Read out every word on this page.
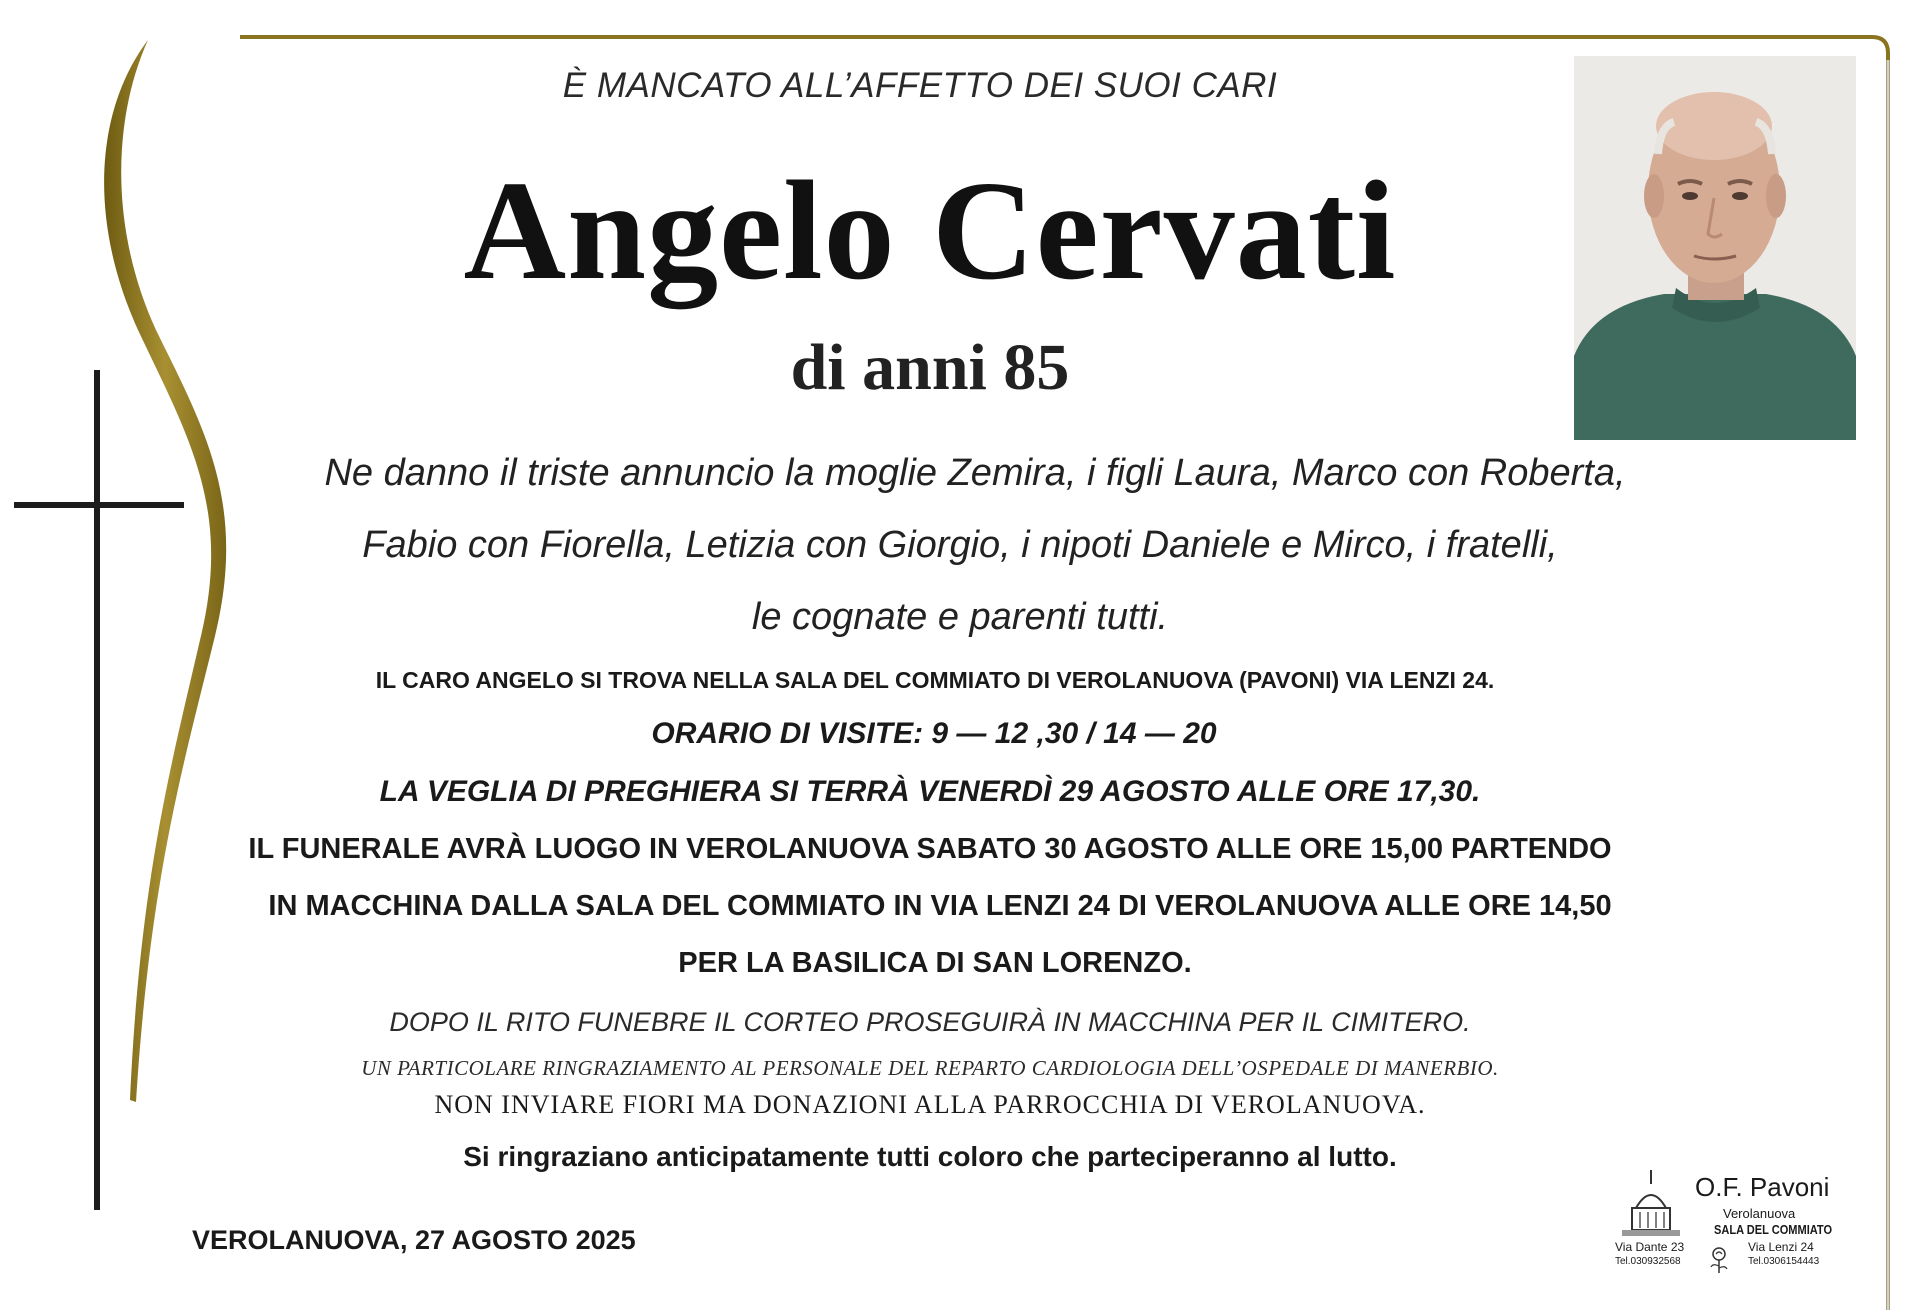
È MANCATO ALL’AFFETTO DEI SUOI CARI
Angelo Cervati
di anni 85
Ne danno il triste annuncio la moglie Zemira, i figli Laura, Marco con Roberta,
Fabio con Fiorella, Letizia con Giorgio, i nipoti Daniele e Mirco, i fratelli,
le cognate e parenti tutti.
IL CARO ANGELO SI TROVA NELLA SALA DEL COMMIATO DI VEROLANUOVA (PAVONI) VIA LENZI 24.
ORARIO DI VISITE: 9 — 12 ,30 / 14 — 20
LA VEGLIA DI PREGHIERA SI TERRÀ VENERDÌ 29 AGOSTO ALLE ORE 17,30.
IL FUNERALE AVRÀ LUOGO IN VEROLANUOVA SABATO 30 AGOSTO ALLE ORE 15,00 PARTENDO
IN MACCHINA DALLA SALA DEL COMMIATO IN VIA LENZI 24 DI VEROLANUOVA ALLE ORE 14,50
PER LA BASILICA DI SAN LORENZO.
DOPO IL RITO FUNEBRE IL CORTEO PROSEGUIRÀ IN MACCHINA PER IL CIMITERO.
UN PARTICOLARE RINGRAZIAMENTO AL PERSONALE DEL REPARTO CARDIOLOGIA DELL’OSPEDALE DI MANERBIO.
NON INVIARE FIORI MA DONAZIONI ALLA PARROCCHIA DI VEROLANUOVA.
Si ringraziano anticipatamente tutti coloro che parteciperanno al lutto.
VEROLANUOVA, 27 AGOSTO 2025
O.F. Pavoni
Verolanuova
SALA DEL COMMIATO
Via Dante 23
Tel.030932568
Via Lenzi 24
Tel.0306154443
